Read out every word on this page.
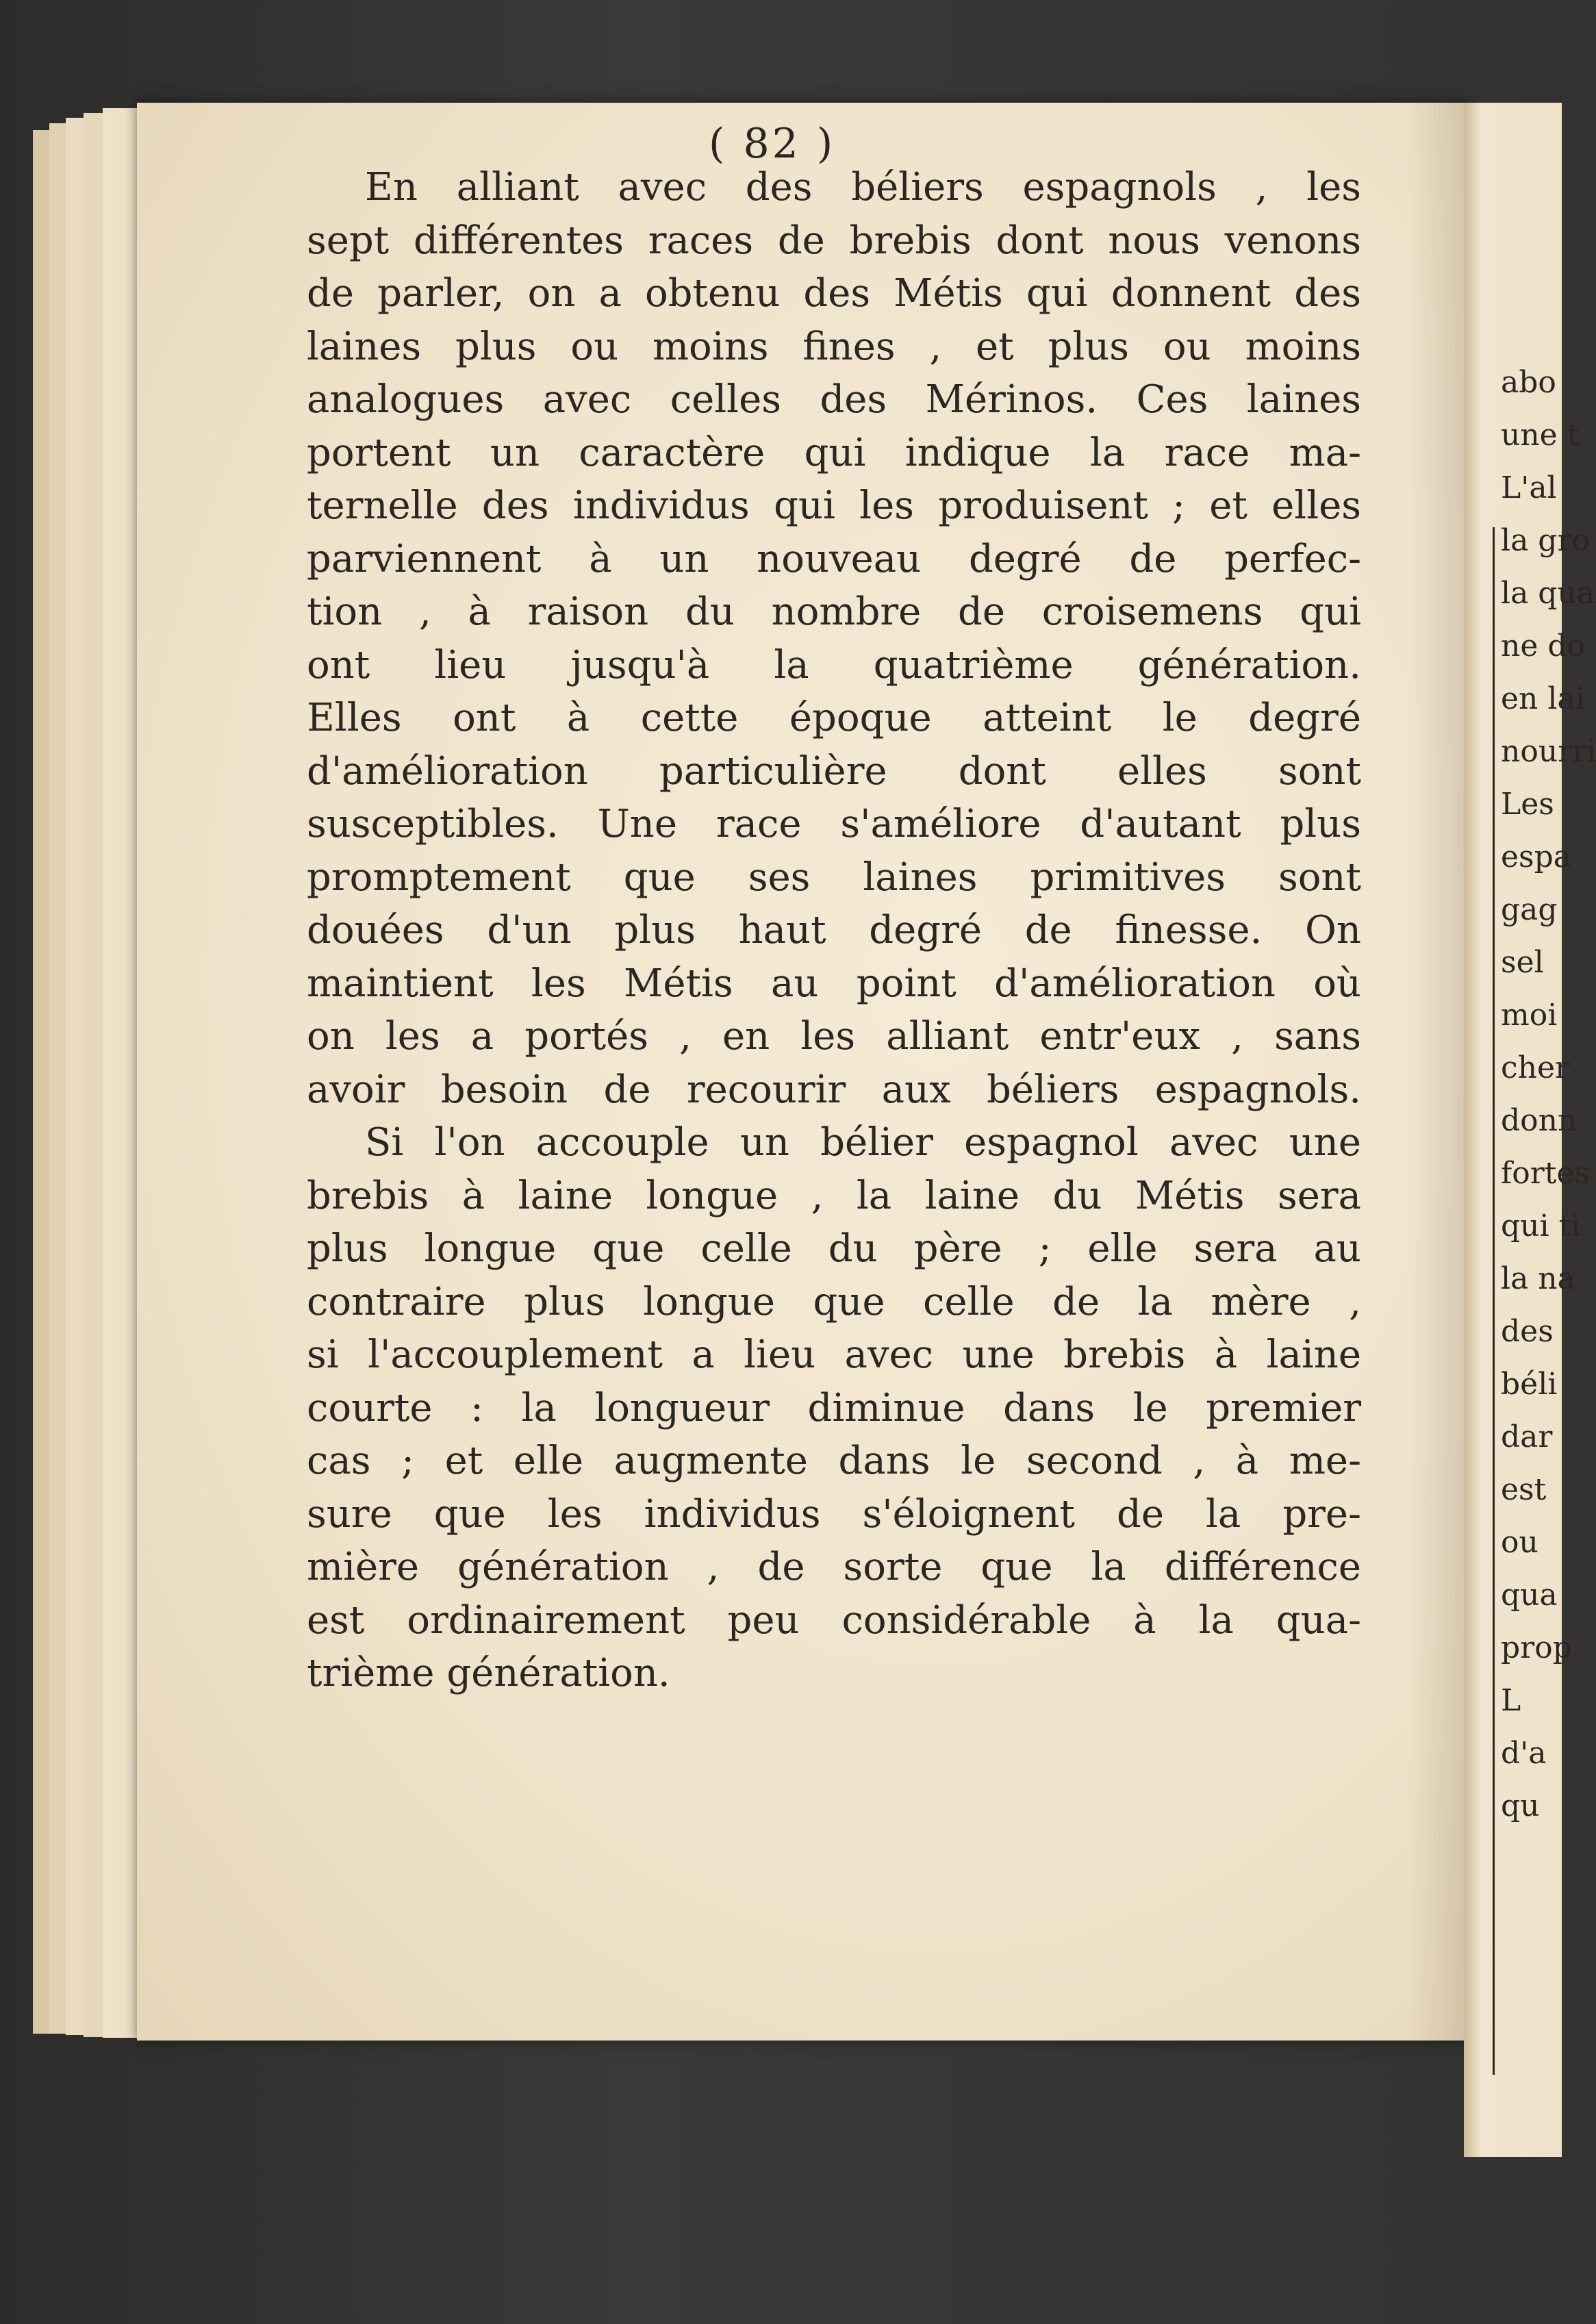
( 82 )
En alliant avec des béliers espagnols , les
sept différentes races de brebis dont nous venons
de parler, on a obtenu des Métis qui donnent des
laines plus ou moins fines , et plus ou moins
analogues avec celles des Mérinos. Ces laines
portent un caractère qui indique la race ma-
ternelle des individus qui les produisent ; et elles
parviennent à un nouveau degré de perfec-
tion , à raison du nombre de croisemens qui
ont lieu jusqu'à la quatrième génération.
Elles ont à cette époque atteint le degré
d'amélioration particulière dont elles sont
susceptibles. Une race s'améliore d'autant plus
promptement que ses laines primitives sont
douées d'un plus haut degré de finesse. On
maintient les Métis au point d'amélioration où
on les a portés , en les alliant entr'eux , sans
avoir besoin de recourir aux béliers espagnols.
Si l'on accouple un bélier espagnol avec une
brebis à laine longue , la laine du Métis sera
plus longue que celle du père ; elle sera au
contraire plus longue que celle de la mère ,
si l'accouplement a lieu avec une brebis à laine
courte : la longueur diminue dans le premier
cas ; et elle augmente dans le second , à me-
sure que les individus s'éloignent de la pre-
mière génération , de sorte que la différence
est ordinairement peu considérable à la qua-
trième génération.
abo
une t
L'al
la gro
la qua
ne do
en lai
nourri
Les
espa
gag
sel
moi
cher
donn
fortes
qui ti
la na
des
béli
dar
est
ou
qua
prop
L
d'a
qu
